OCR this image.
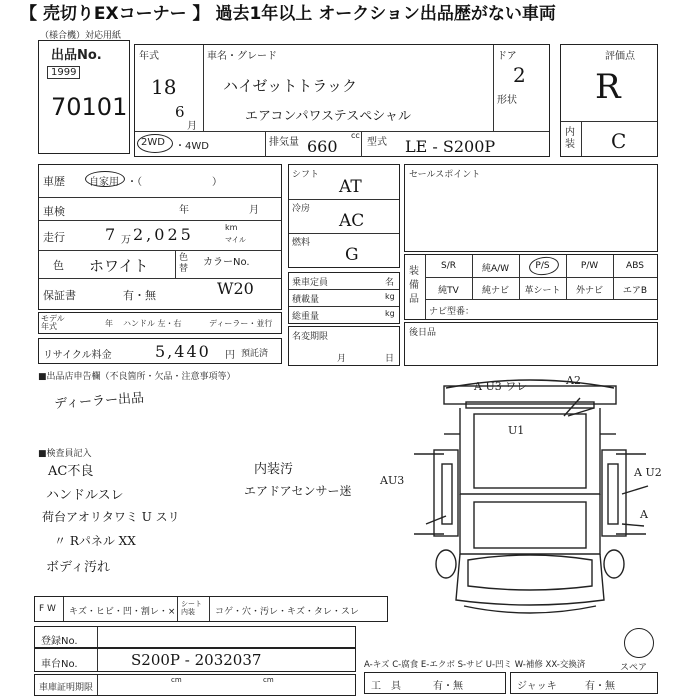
【 売切りEXコーナー 】 過去1年以上 オークション出品歴がない車両
（様合機）対応用紙
出品No.
1999
70101
年式
18
6
月
車名・グレード
ハイゼットトラック
エアコンパワステスペシャル
ドア
2
形状
2WD ・4WD	排気量
cc
660	型式 LE - S200P
評価点
R
内装 C
車歴 自家用 ・（　　　　　　　）
車検	年	月
走行	7 万 2,025	km
マイル
色 ホワイト	色替
カラーNo.
保証書	有・無	W20
モデル年式	年 ハンドル 左・右	ディーラー・並行
リサイクル料金	5,440 円 預託済
シフト
AT
冷房
AC
燃料
G
乗車定員	名
積載量	kg
総重量	kg
名変期限
月	日
セールスポイント
装備品
S/R	純A/W	P/S	P/W	ABS
純TV	純ナビ	革シート	外ナビ	エアB
ナビ型番：
後日品
■出品店申告欄（不良箇所・欠品・注意事項等）
ディーラー出品
■検査員記入
AC不良
ハンドルスレ
荷台アオリタワミ U スリ
〃 Rパネル XX
ボディ汚れ
内装汚
エアドアセンサー迷
A U3 ワレ	A2
U1
AU3
A U2
A
スペア
F W キズ・ヒビ・凹・割レ・×
シート内装	コゲ・穴・汚レ・キズ・タレ・スレ
登録No.
車台No.	S200P - 2032037
車庫証明期限
cm	cm
A-キズ C-腐食 E-エクボ S-サビ U-凹ミ W-補修 XX-交換済
工　具	有・無	ジャッキ	有・無
